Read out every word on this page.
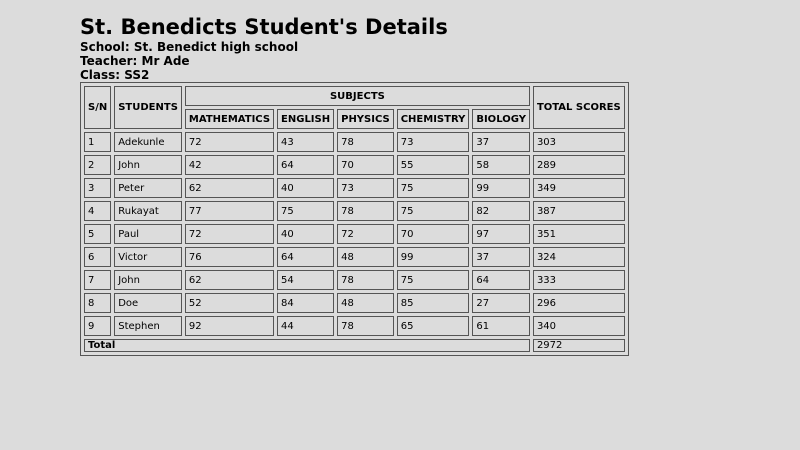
St. Benedicts Student's Details
School: St. Benedict high school
Teacher: Mr Ade
Class: SS2
S/N	STUDENTS	SUBJECTS					TOTAL SCORES
		MATHEMATICS	ENGLISH	PHYSICS	CHEMISTRY	BIOLOGY	
1	Adekunle	72	43	78	73	37	303
2	John	42	64	70	55	58	289
3	Peter	62	40	73	75	99	349
4	Rukayat	77	75	78	75	82	387
5	Paul	72	40	72	70	97	351
6	Victor	76	64	48	99	37	324
7	John	62	54	78	75	64	333
8	Doe	52	84	48	85	27	296
9	Stephen	92	44	78	65	61	340
Total							2972
